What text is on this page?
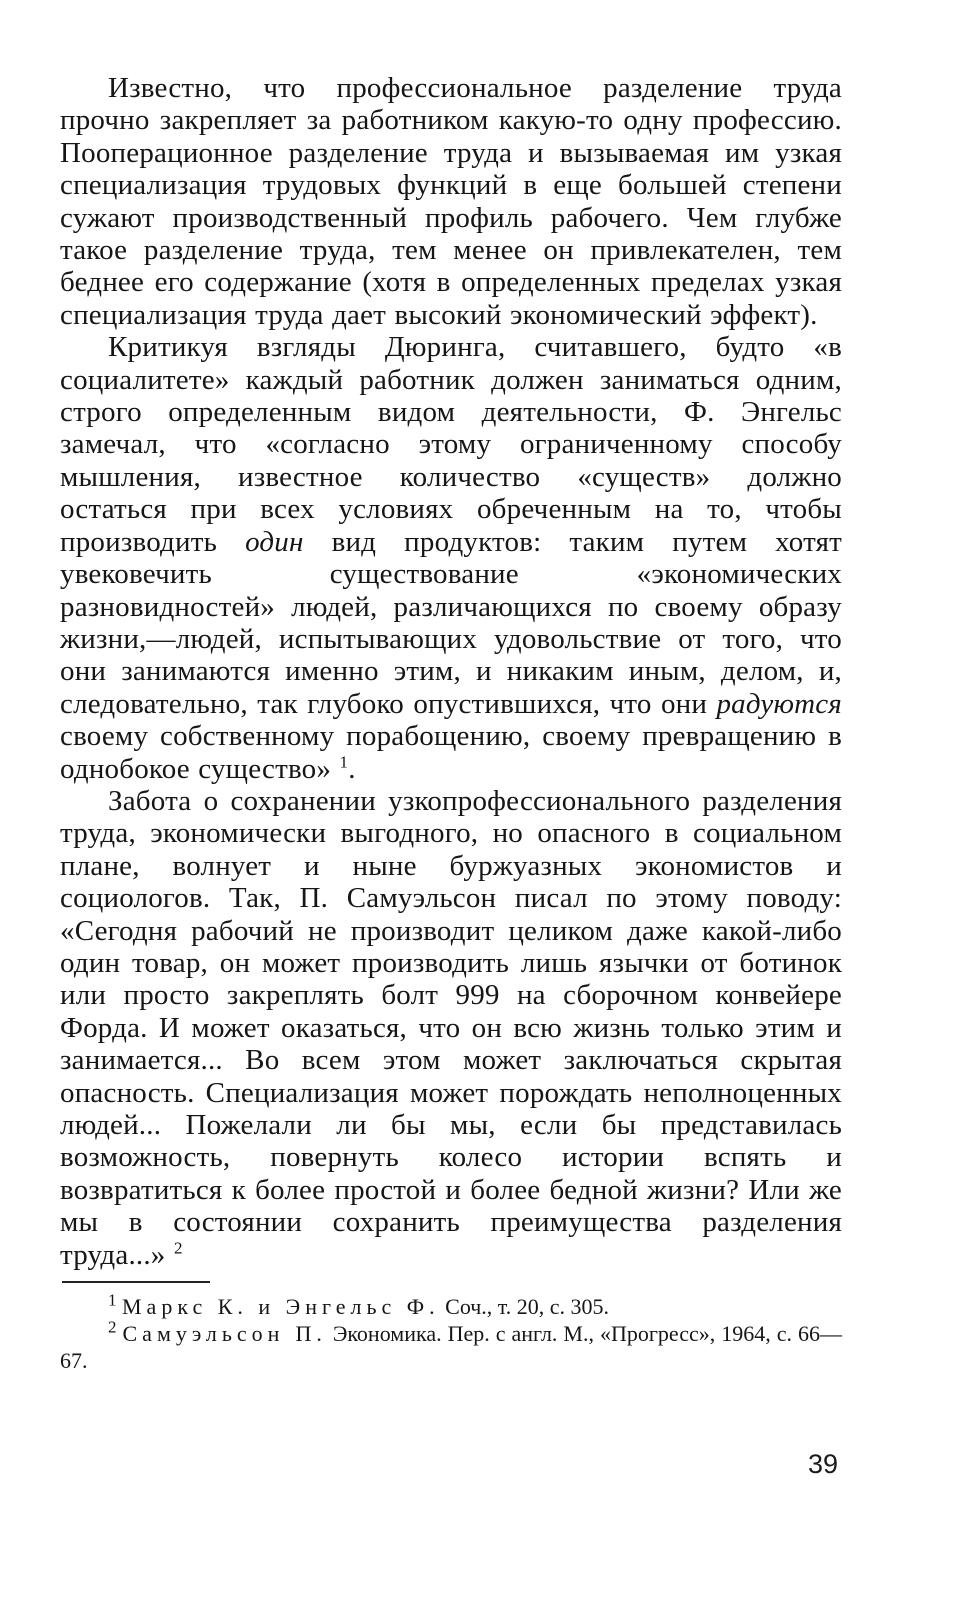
Известно, что профессиональное разделение труда прочно закрепляет за работником какую-то одну профессию. Пооперационное разделение труда и вызываемая им узкая специализация трудовых функций в еще большей степени сужают производственный профиль рабочего. Чем глубже такое разделение труда, тем менее он привлекателен, тем беднее его содержание (хотя в определенных пределах узкая специализация труда дает высокий экономический эффект).

Критикуя взгляды Дюринга, считавшего, будто «в социалитете» каждый работник должен заниматься одним, строго определенным видом деятельности, Ф. Энгельс замечал, что «согласно этому ограниченному способу мышления, известное количество «существ» должно остаться при всех условиях обреченным на то, чтобы производить один вид продуктов: таким путем хотят увековечить существование «экономических разновидностей» людей, различающихся по своему образу жизни,—людей, испытывающих удовольствие от того, что они занимаются именно этим, и никаким иным, делом, и, следовательно, так глубоко опустившихся, что они радуются своему собственному порабощению, своему превращению в однобокое существо» $^1$.

Забота о сохранении узкопрофессионального разделения труда, экономически выгодного, но опасного в социальном плане, волнует и ныне буржуазных экономистов и социологов. Так, П. Самуэльсон писал по этому поводу: «Сегодня рабочий не производит целиком даже какой-либо один товар, он может производить лишь язычки от ботинок или просто закреплять болт 999 на сборочном конвейере Форда. И может оказаться, что он всю жизнь только этим и занимается... Во всем этом может заключаться скрытая опасность. Специализация может порождать неполноценных людей... Пожелали ли бы мы, если бы представилась возможность, повернуть колесо истории вспять и возвратиться к более простой и более бедной жизни? Или же мы в состоянии сохранить преимущества разделения труда...» $^2$

$^1$ Маркс К. и Энгельс Ф. Соч., т. 20, с. 305.

$^2$ Самуэльсон П. Экономика. Пер. с англ. М., «Прогресс», 1964, с. 66—67.

39
